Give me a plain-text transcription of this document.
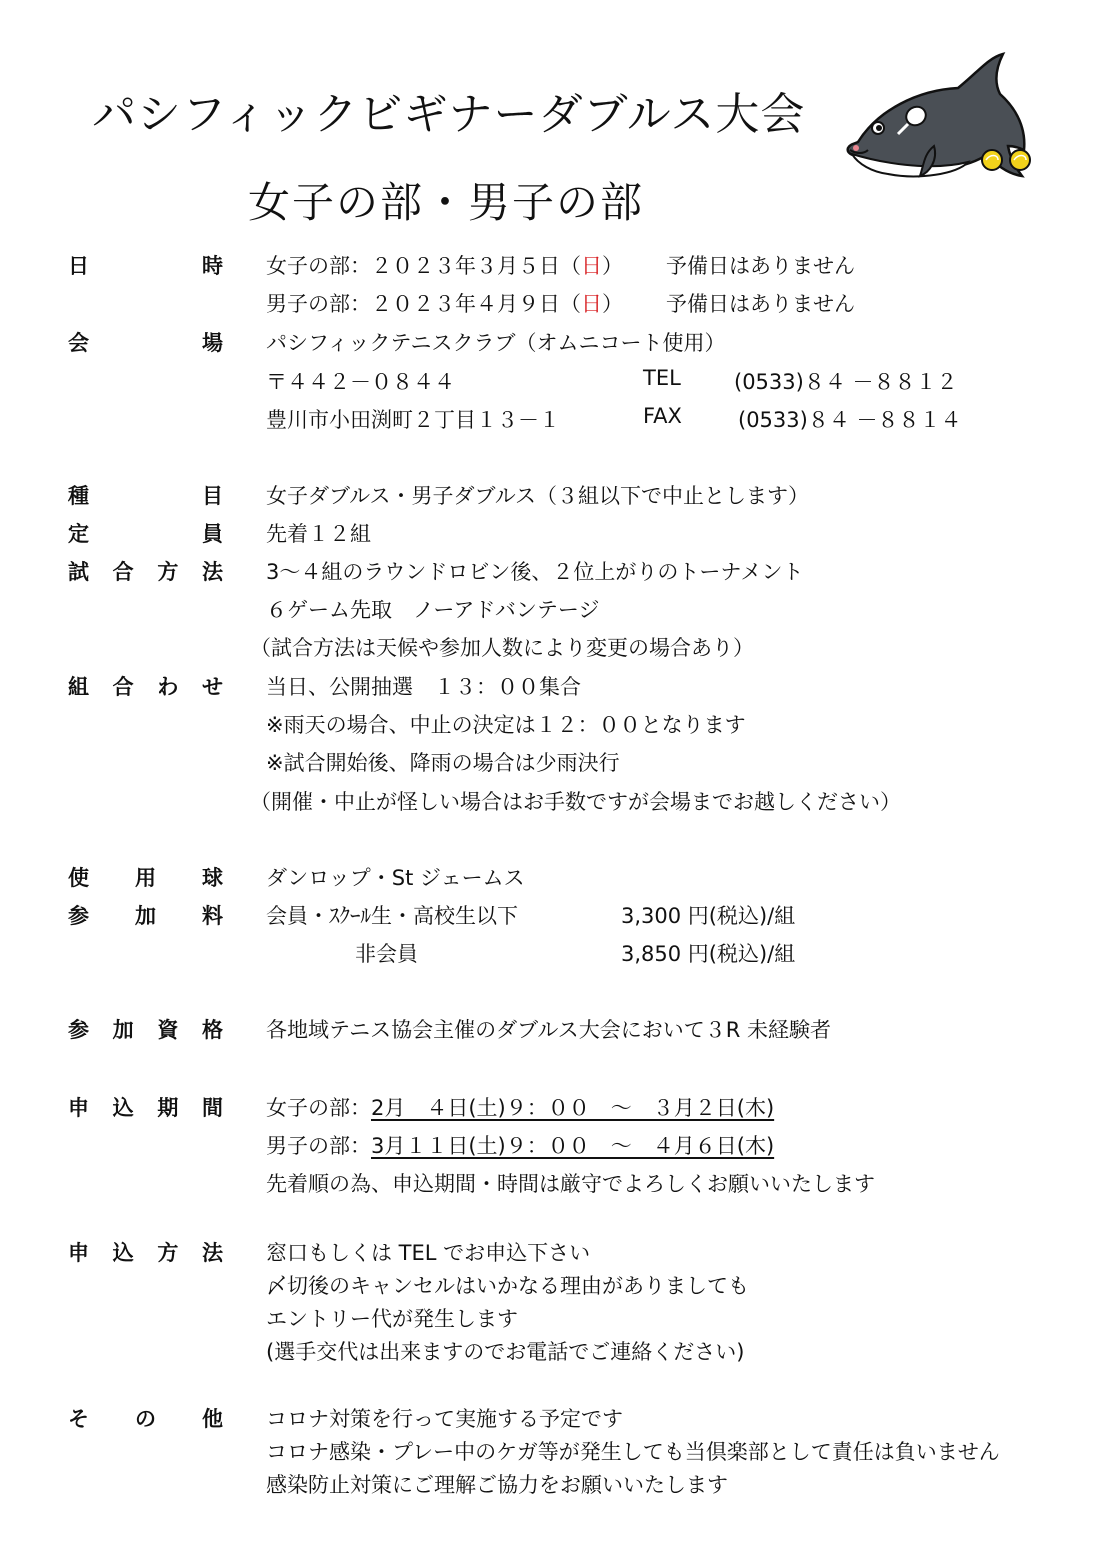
パシフィックビギナーダブルス大会
女子の部・男子の部
日	時 女子の部：２０２３年３月５日（日） 予備日はありません
男子の部：２０２３年４月９日（日） 予備日はありません
会	場 パシフィックテニスクラブ（オムニコート使用）
〒４４２－０８４４	TEL	(0533)８４ －８８１２
豊川市小田渕町２丁目１３－１	FAX	(0533)８４ －８８１４
種	目 女子ダブルス・男子ダブルス（３組以下で中止とします）
定	員 先着１２組
試 合 方 法 3～４組のラウンドロビン後、２位上がりのトーナメント
６ゲーム先取　ノーアドバンテージ
（試合方法は天候や参加人数により変更の場合あり）
組 合 わ せ 当日、公開抽選　１３：００集合
※雨天の場合、中止の決定は１２：００となります
※試合開始後、降雨の場合は少雨決行
（開催・中止が怪しい場合はお手数ですが会場までお越しください）
使 用 球 ダンロップ・St ジェームス
参 加 料 会員・ｽｸｰﾙ生・高校生以下	3,300 円(税込)/組
非会員	3,850 円(税込)/組
参 加 資 格 各地域テニス協会主催のダブルス大会において３R 未経験者
申 込 期 間 女子の部：2月　４日(土)９：００　～　３月２日(木)
男子の部：3月１１日(土)９：００　～　４月６日(木)
先着順の為、申込期間・時間は厳守でよろしくお願いいたします
申 込 方 法 窓口もしくは TEL でお申込下さい
〆切後のキャンセルはいかなる理由がありましても
エントリー代が発生します
(選手交代は出来ますのでお電話でご連絡ください)
そ の 他 コロナ対策を行って実施する予定です
コロナ感染・プレー中のケガ等が発生しても当倶楽部として責任は負いません
感染防止対策にご理解ご協力をお願いいたします
